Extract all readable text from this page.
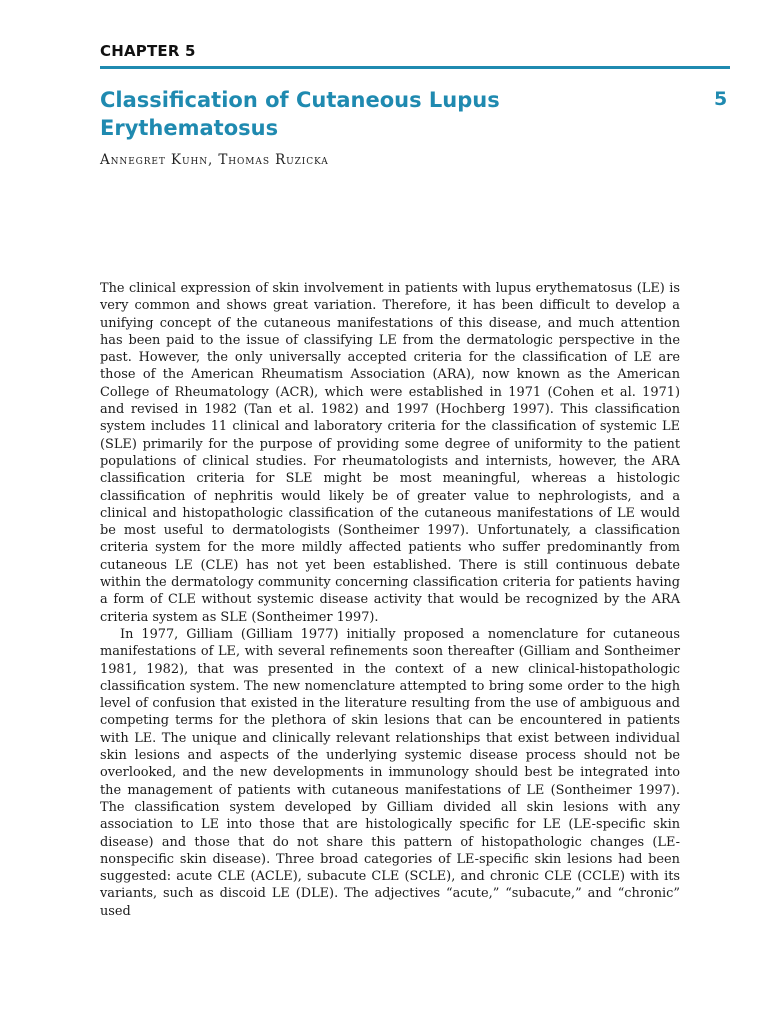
CHAPTER 5
Classification of Cutaneous Lupus Erythematosus
5
Annegret Kuhn, Thomas Ruzicka

The clinical expression of skin involvement in patients with lupus erythematosus (LE) is very common and shows great variation. Therefore, it has been difficult to develop a unifying concept of the cutaneous manifestations of this disease, and much attention has been paid to the issue of classifying LE from the dermatologic perspective in the past. However, the only universally accepted criteria for the classification of LE are those of the American Rheumatism Association (ARA), now known as the American College of Rheumatology (ACR), which were established in 1971 (Cohen et al. 1971) and revised in 1982 (Tan et al. 1982) and 1997 (Hochberg 1997). This classification system includes 11 clinical and laboratory criteria for the classification of systemic LE (SLE) primarily for the purpose of providing some degree of uniformity to the patient populations of clinical studies. For rheumatologists and internists, however, the ARA classification criteria for SLE might be most meaningful, whereas a histologic classification of nephritis would likely be of greater value to nephrologists, and a clinical and histopathologic classification of the cutaneous manifestations of LE would be most useful to dermatologists (Sontheimer 1997). Unfortunately, a classification criteria system for the more mildly affected patients who suffer predominantly from cutaneous LE (CLE) has not yet been established. There is still continuous debate within the dermatology community concerning classification criteria for patients having a form of CLE without systemic disease activity that would be recognized by the ARA criteria system as SLE (Sontheimer 1997).

In 1977, Gilliam (Gilliam 1977) initially proposed a nomenclature for cutaneous manifestations of LE, with several refinements soon thereafter (Gilliam and Sontheimer 1981, 1982), that was presented in the context of a new clinical-histopathologic classification system. The new nomenclature attempted to bring some order to the high level of confusion that existed in the literature resulting from the use of ambiguous and competing terms for the plethora of skin lesions that can be encountered in patients with LE. The unique and clinically relevant relationships that exist between individual skin lesions and aspects of the underlying systemic disease process should not be overlooked, and the new developments in immunology should best be integrated into the management of patients with cutaneous manifestations of LE (Sontheimer 1997). The classification system developed by Gilliam divided all skin lesions with any association to LE into those that are histologically specific for LE (LE-specific skin disease) and those that do not share this pattern of histopathologic changes (LE-nonspecific skin disease). Three broad categories of LE-specific skin lesions had been suggested: acute CLE (ACLE), subacute CLE (SCLE), and chronic CLE (CCLE) with its variants, such as discoid LE (DLE). The adjectives “acute,” “subacute,” and “chronic” used
